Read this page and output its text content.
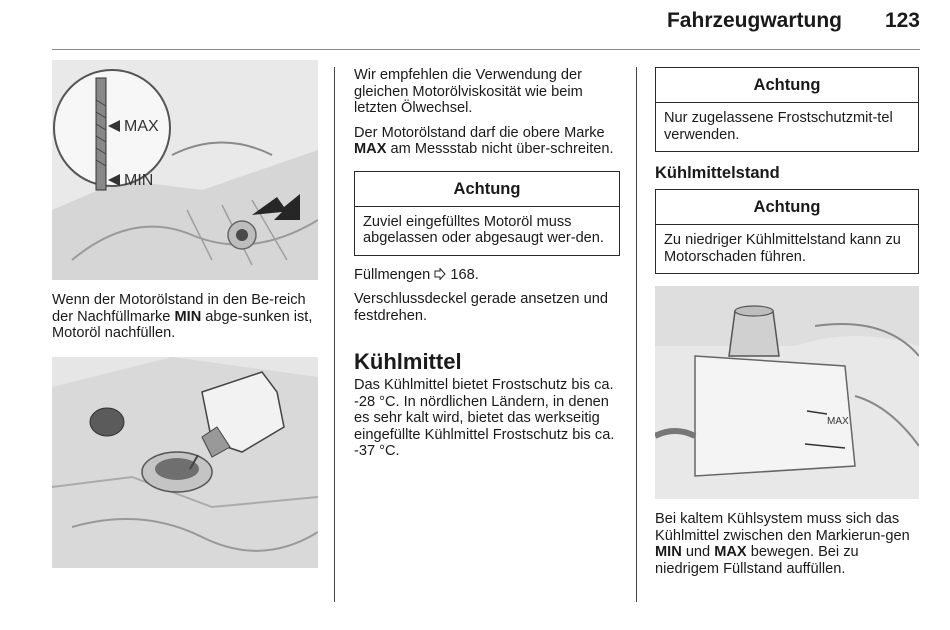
Fahrzeugwartung 123
MAX
MIN
Wenn der Motorölstand in den Be-reich der Nachfüllmarke MIN abge-sunken ist, Motoröl nachfüllen.
Wir empfehlen die Verwendung der gleichen Motorölviskosität wie beim letzten Ölwechsel.
Der Motorölstand darf die obere Marke MAX am Messstab nicht über-schreiten.
Achtung
Zuviel eingefülltes Motoröl muss abgelassen oder abgesaugt wer-den.
Füllmengen 168.
Verschlussdeckel gerade ansetzen und festdrehen.
Kühlmittel
Das Kühlmittel bietet Frostschutz bis ca. -28 °C. In nördlichen Ländern, in denen es sehr kalt wird, bietet das werkseitig eingefüllte Kühlmittel Frostschutz bis ca. -37 °C.
Achtung
Nur zugelassene Frostschutzmit-tel verwenden.
Kühlmittelstand
Achtung
Zu niedriger Kühlmittelstand kann zu Motorschaden führen.
MAX
Bei kaltem Kühlsystem muss sich das Kühlmittel zwischen den Markierun-gen MIN und MAX bewegen. Bei zu niedrigem Füllstand auffüllen.
